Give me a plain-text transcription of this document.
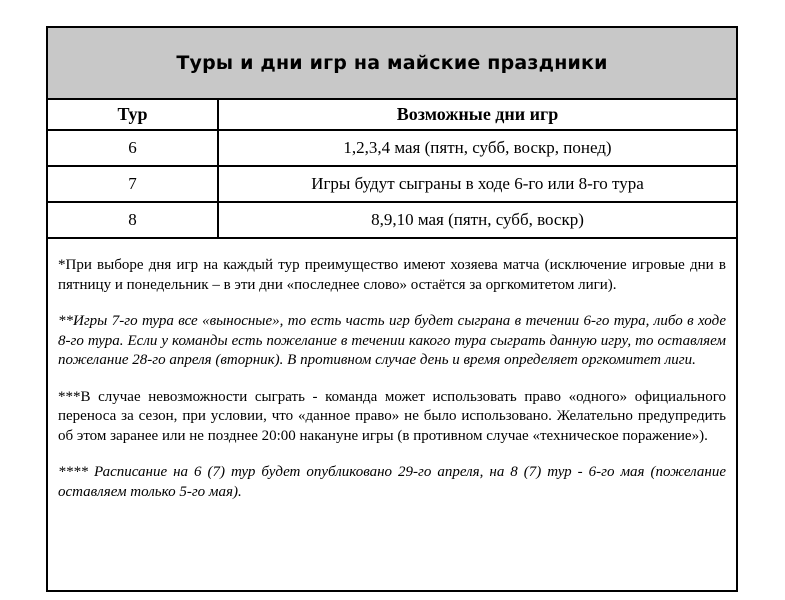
Туры и дни игр на майские праздники
Тур	Возможные дни игр
6	1,2,3,4 мая (пятн, субб, воскр, понед)
7	Игры будут сыграны в ходе 6-го или 8-го тура
8	8,9,10 мая (пятн, субб, воскр)

*При выборе дня игр на каждый тур преимущество имеют хозяева матча (исключение игровые дни в пятницу и понедельник – в эти дни «последнее слово» остаётся за оргкомитетом лиги).

**Игры 7-го тура все «выносные», то есть часть игр будет сыграна в течении 6-го тура, либо в ходе 8-го тура. Если у команды есть пожелание в течении какого тура сыграть данную игру, то оставляем пожелание 28-го апреля (вторник). В противном случае день и время определяет оргкомитет лиги.

***В случае невозможности сыграть - команда может использовать право «одного» официального переноса за сезон, при условии, что «данное право» не было использовано. Желательно предупредить об этом заранее или не позднее 20:00 накануне игры (в противном случае «техническое поражение»).

**** Расписание на 6 (7) тур будет опубликовано 29-го апреля, на 8 (7) тур - 6-го мая (пожелание оставляем только 5-го мая).
